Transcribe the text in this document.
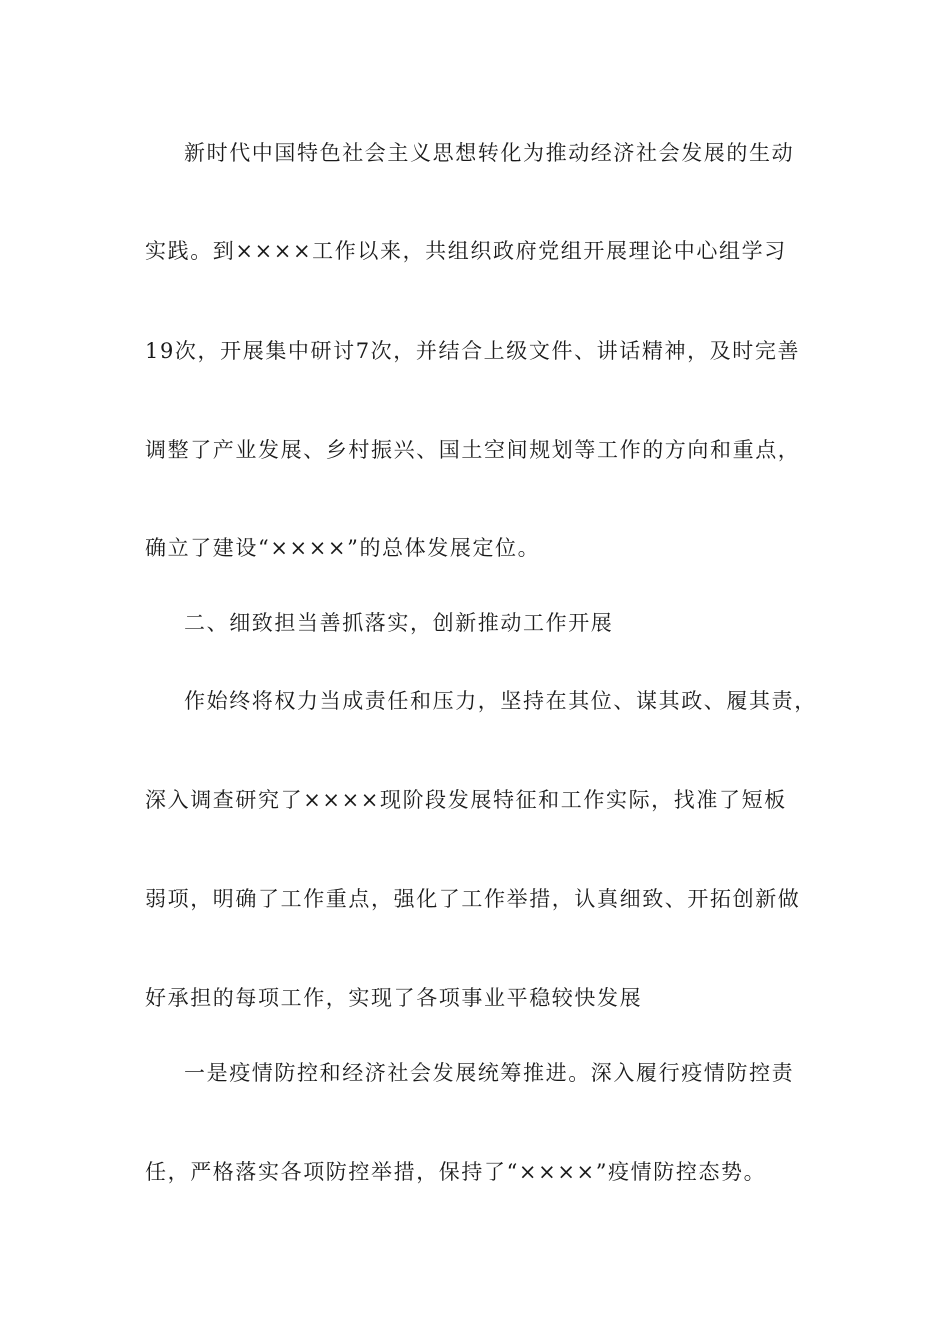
新时代中国特色社会主义思想转化为推动经济社会发展的生动
实践。到××××工作以来，共组织政府党组开展理论中心组学习
19次，开展集中研讨7次，并结合上级文件、讲话精神，及时完善
调整了产业发展、乡村振兴、国土空间规划等工作的方向和重点，
确立了建设“××××”的总体发展定位。
二、细致担当善抓落实，创新推动工作开展
作始终将权力当成责任和压力，坚持在其位、谋其政、履其责，
深入调查研究了××××现阶段发展特征和工作实际，找准了短板
弱项，明确了工作重点，强化了工作举措，认真细致、开拓创新做
好承担的每项工作，实现了各项事业平稳较快发展
一是疫情防控和经济社会发展统筹推进。深入履行疫情防控责
任，严格落实各项防控举措，保持了“××××”疫情防控态势。
